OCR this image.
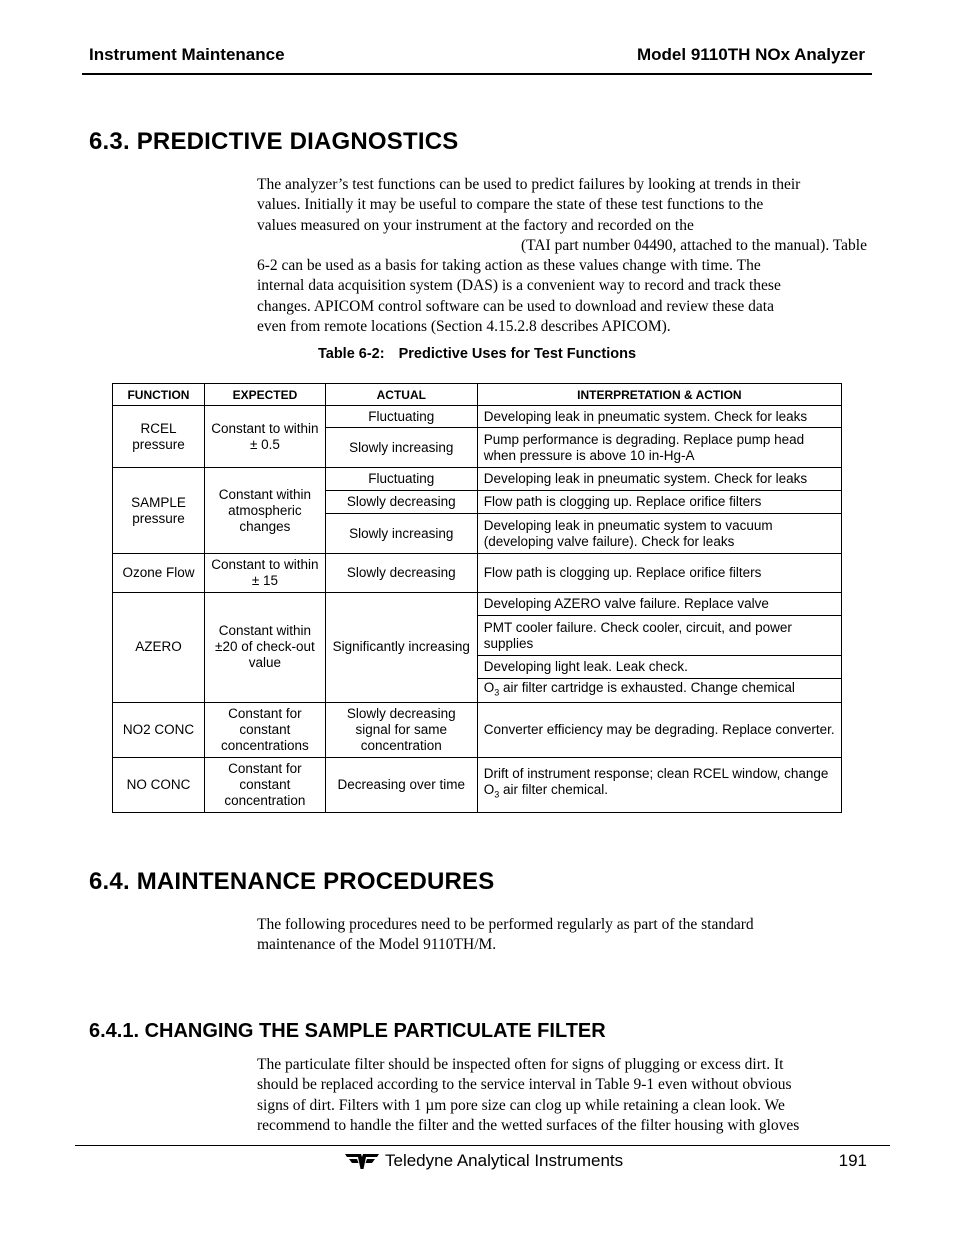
Instrument Maintenance	Model 9110TH NOx Analyzer
6.3. PREDICTIVE DIAGNOSTICS

The analyzer’s test functions can be used to predict failures by looking at trends in their

values. Initially it may be useful to compare the state of these test functions to the

values measured on your instrument at the factory and recorded on the

(TAI part number 04490, attached to the manual). Table

6-2 can be used as a basis for taking action as these values change with time. The

internal data acquisition system (DAS) is a convenient way to record and track these

changes. APICOM control software can be used to download and review these data

even from remote locations (Section 4.15.2.8 describes APICOM).

Table 6-2: Predictive Uses for Test Functions
FUNCTION	EXPECTED	ACTUAL	INTERPRETATION & ACTION
RCEL pressure	Constant to within ± 0.5	Fluctuating	Developing leak in pneumatic system. Check for leaks
		Slowly increasing	Pump performance is degrading. Replace pump head when pressure is above 10 in-Hg-A
SAMPLE pressure	Constant within atmospheric changes	Fluctuating	Developing leak in pneumatic system. Check for leaks
		Slowly decreasing	Flow path is clogging up. Replace orifice filters
		Slowly increasing	Developing leak in pneumatic system to vacuum (developing valve failure). Check for leaks
Ozone Flow	Constant to within ± 15	Slowly decreasing	Flow path is clogging up. Replace orifice filters
AZERO	Constant within ±20 of check-out value	Significantly increasing	Developing AZERO valve failure. Replace valve
			PMT cooler failure. Check cooler, circuit, and power supplies
			Developing light leak. Leak check.
			$O_3$ air filter cartridge is exhausted. Change chemical
NO2 CONC	Constant for constant concentrations	Slowly decreasing signal for same concentration	Converter efficiency may be degrading. Replace converter.
NO CONC	Constant for constant concentration	Decreasing over time	Drift of instrument response; clean RCEL window, change $O_3$ air filter chemical.
6.4. MAINTENANCE PROCEDURES

The following procedures need to be performed regularly as part of the standard

maintenance of the Model 9110TH/M.

6.4.1. CHANGING THE SAMPLE PARTICULATE FILTER

The particulate filter should be inspected often for signs of plugging or excess dirt. It

should be replaced according to the service interval in Table 9-1 even without obvious

signs of dirt. Filters with 1 µm pore size can clog up while retaining a clean look. We

recommend to handle the filter and the wetted surfaces of the filter housing with gloves

Teledyne Analytical Instruments	191
